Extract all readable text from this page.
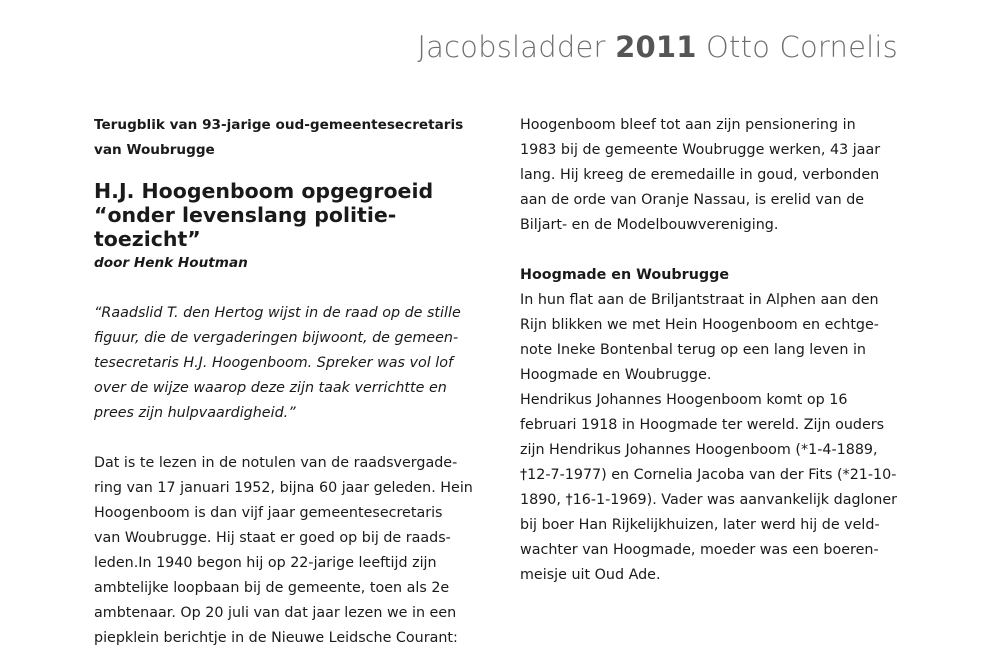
Jacobsladder 2011 Otto Cornelis
Terugblik van 93-jarige oud-gemeentesecretaris
van Woubrugge
H.J. Hoogenboom opgegroeid
“onder levenslang politie-
toezicht”
door Henk Houtman
“Raadslid T. den Hertog wijst in de raad op de stille
figuur, die de vergaderingen bijwoont, de gemeen-
tesecretaris H.J. Hoogenboom. Spreker was vol lof
over de wijze waarop deze zijn taak verrichtte en
prees zijn hulpvaardigheid.”
Dat is te lezen in de notulen van de raadsvergade-
ring van 17 januari 1952, bijna 60 jaar geleden. Hein
Hoogenboom is dan vijf jaar gemeentesecretaris
van Woubrugge. Hij staat er goed op bij de raads-
leden.In 1940 begon hij op 22-jarige leeftijd zijn
ambtelijke loopbaan bij de gemeente, toen als 2e
ambtenaar. Op 20 juli van dat jaar lezen we in een
piepklein berichtje in de Nieuwe Leidsche Courant:
Hoogenboom bleef tot aan zijn pensionering in
1983 bij de gemeente Woubrugge werken, 43 jaar
lang. Hij kreeg de eremedaille in goud, verbonden
aan de orde van Oranje Nassau, is erelid van de
Biljart- en de Modelbouwvereniging.
Hoogmade en Woubrugge
In hun flat aan de Briljantstraat in Alphen aan den
Rijn blikken we met Hein Hoogenboom en echtge-
note Ineke Bontenbal terug op een lang leven in
Hoogmade en Woubrugge.
Hendrikus Johannes Hoogenboom komt op 16
februari 1918 in Hoogmade ter wereld. Zijn ouders
zijn Hendrikus Johannes Hoogenboom (*1-4-1889,
†12-7-1977) en Cornelia Jacoba van der Fits (*21-10-
1890, †16-1-1969). Vader was aanvankelijk dagloner
bij boer Han Rijkelijkhuizen, later werd hij de veld-
wachter van Hoogmade, moeder was een boeren-
meisje uit Oud Ade.
